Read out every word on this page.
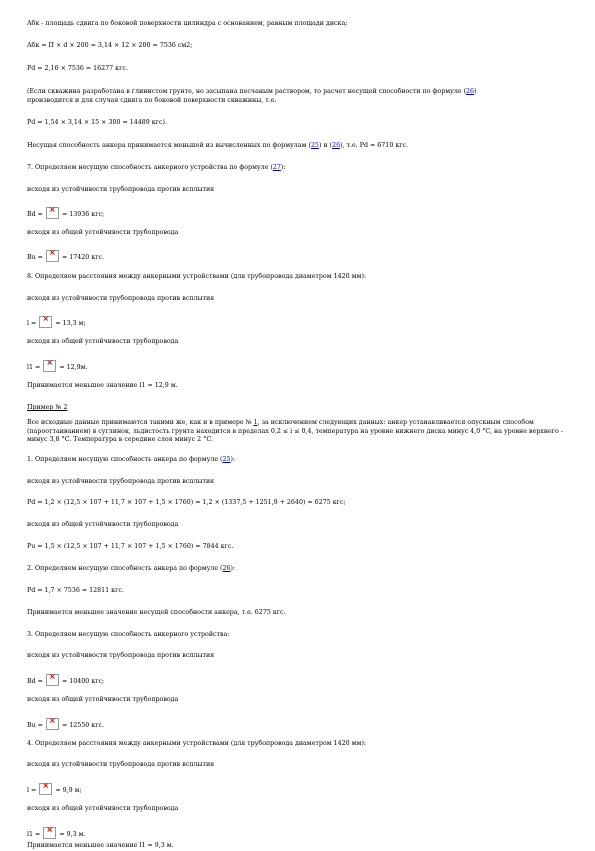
Aбк - площадь сдвига по боковой поверхности цилиндра с основанием, равным площади диска;
Aбк = П × d × 200 = 3,14 × 12 × 200 = 7536 см2;
Pd = 2,16 × 7536 = 16277 кгс.
(Если скважина разработана в глинистом грунте, но засыпана песчаным раствором, то расчет несущей способности по формуле (26)
производится и для случая сдвига по боковой поверхности скважины, т.е.
Pd = 1,54 × 3,14 × 15 × 300 = 14489 кгс).
Несущая способность анкера принимается меньшей из вычисленных по формулам (25) и (26), т.е. Pd = 6710 кгс.
7. Определяем несущую способность анкерного устройства по формуле (27):
исходя из устойчивости трубопровода против всплытия
Bd = ×	= 13936 кгс;
исходя из общей устойчивости трубопровода
Bu = ×	= 17420 кгс.
8. Определяем расстояния между анкерными устройствами (для трубопровода диаметром 1420 мм):
исходя из устойчивости трубопровода против всплытия
l = ×	= 13,3 м;
исходя из общей устойчивости трубопровода
l1 = ×	= 12,9м.
Принимается меньшее значение l1 = 12,9 м.
Пример № 2
Все исходные данные принимаются такими же, как и в примере № 1, за исключением следующих данных: анкер устанавливается опускным способом (парооттаиванием) в суглинок, льдистость грунта находится в пределах 0,2 ≤ i ≤ 0,4, температура на уровне нижнего диска минус 4,0 °C, на уровне верхнего - минус 3,8 °C. Температура в середине слоя минус 2 °C.
1. Определяем несущую способность анкера по формуле (25):
исходя из устойчивости трубопровода против всплытия
Pd = 1,2 × (12,5 × 107 + 11,7 × 107 + 1,5 × 1760) = 1,2 × (1337,5 + 1251,9 + 2640) = 6275 кгс;
исходя из общей устойчивости трубопровода
Pu = 1,5 × (12,5 × 107 + 11,7 × 107 + 1,5 × 1760) = 7844 кгс.
2. Определяем несущую способность анкера по формуле (26):
Pd = 1,7 × 7536 = 12811 кгс.
Принимается меньшее значение несущей способности анкера, т.е. 6275 кгс.
3. Определяем несущую способность анкерного устройства:
исходя из устойчивости трубопровода против всплытия
Bd = ×	= 10400 кгс;
исходя из общей устойчивости трубопровода
Bu = ×	= 12550 кгс.
4. Определяем расстояния между анкерными устройствами (для трубопровода диаметром 1420 мм):
исходя из устойчивости трубопровода против всплытия
l = ×	= 9,9 м;
исходя из общей устойчивости трубопровода
l1 = ×	= 9,3 м.
Принимается меньшее значение l1 = 9,3 м.
